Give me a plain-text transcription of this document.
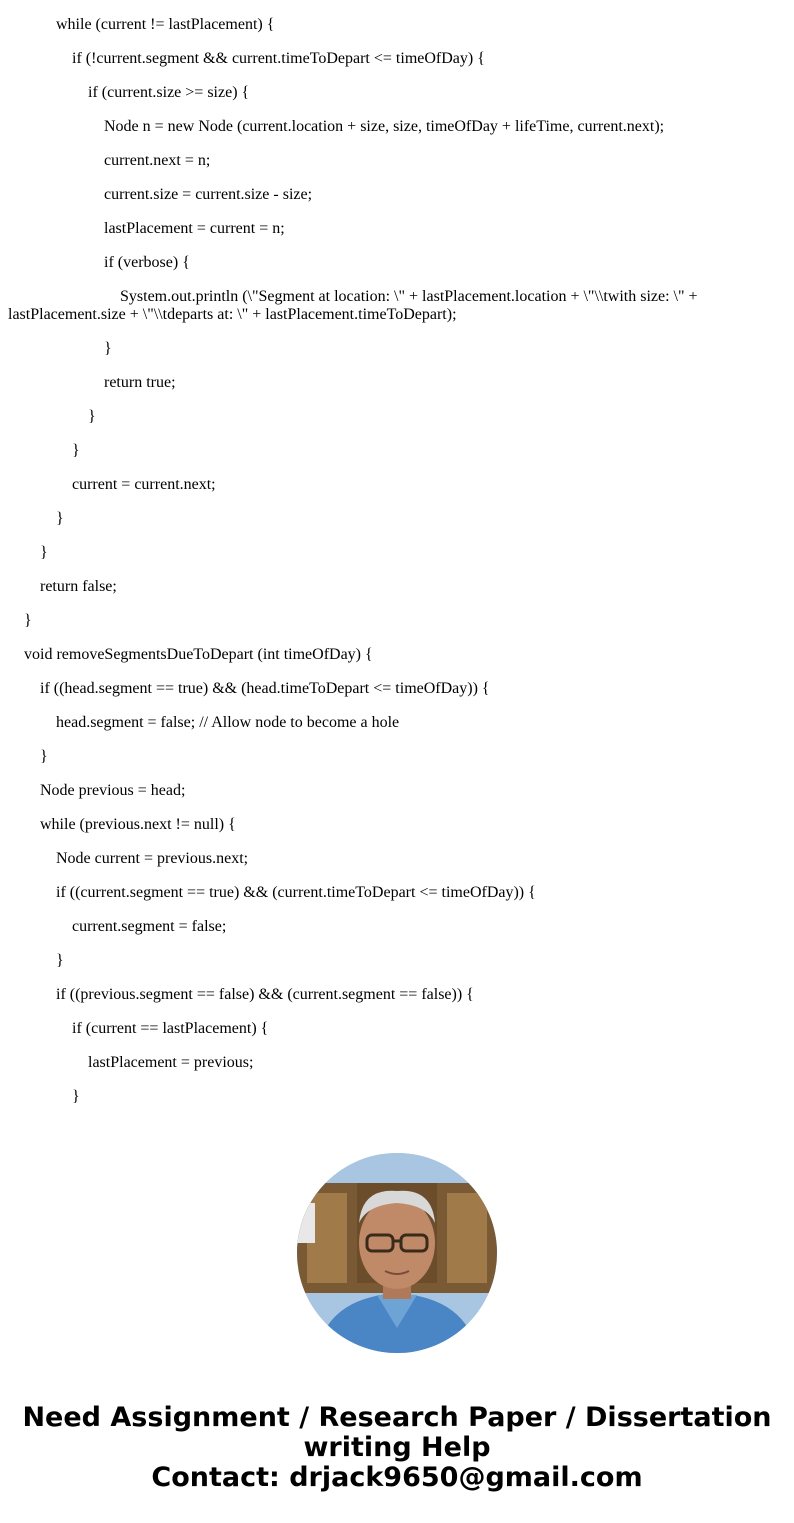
while (current != lastPlacement) {
if (!current.segment && current.timeToDepart <= timeOfDay) {
if (current.size >= size) {
Node n = new Node (current.location + size, size, timeOfDay + lifeTime, current.next);
current.next = n;
current.size = current.size - size;
lastPlacement = current = n;
if (verbose) {
System.out.println (\"Segment at location: \" + lastPlacement.location + \"\\twith size: \" + lastPlacement.size + \"\\tdeparts at: \" + lastPlacement.timeToDepart);
}
return true;
}
}
current = current.next;
}
}
return false;
}
void removeSegmentsDueToDepart (int timeOfDay) {
if ((head.segment == true) && (head.timeToDepart <= timeOfDay)) {
head.segment = false; // Allow node to become a hole
}
Node previous = head;
while (previous.next != null) {
Node current = previous.next;
if ((current.segment == true) && (current.timeToDepart <= timeOfDay)) {
current.segment = false;
}
if ((previous.segment == false) && (current.segment == false)) {
if (current == lastPlacement) {
lastPlacement = previous;
}
Need Assignment / Research Paper / Dissertation
writing Help
Contact: drjack9650@gmail.com
